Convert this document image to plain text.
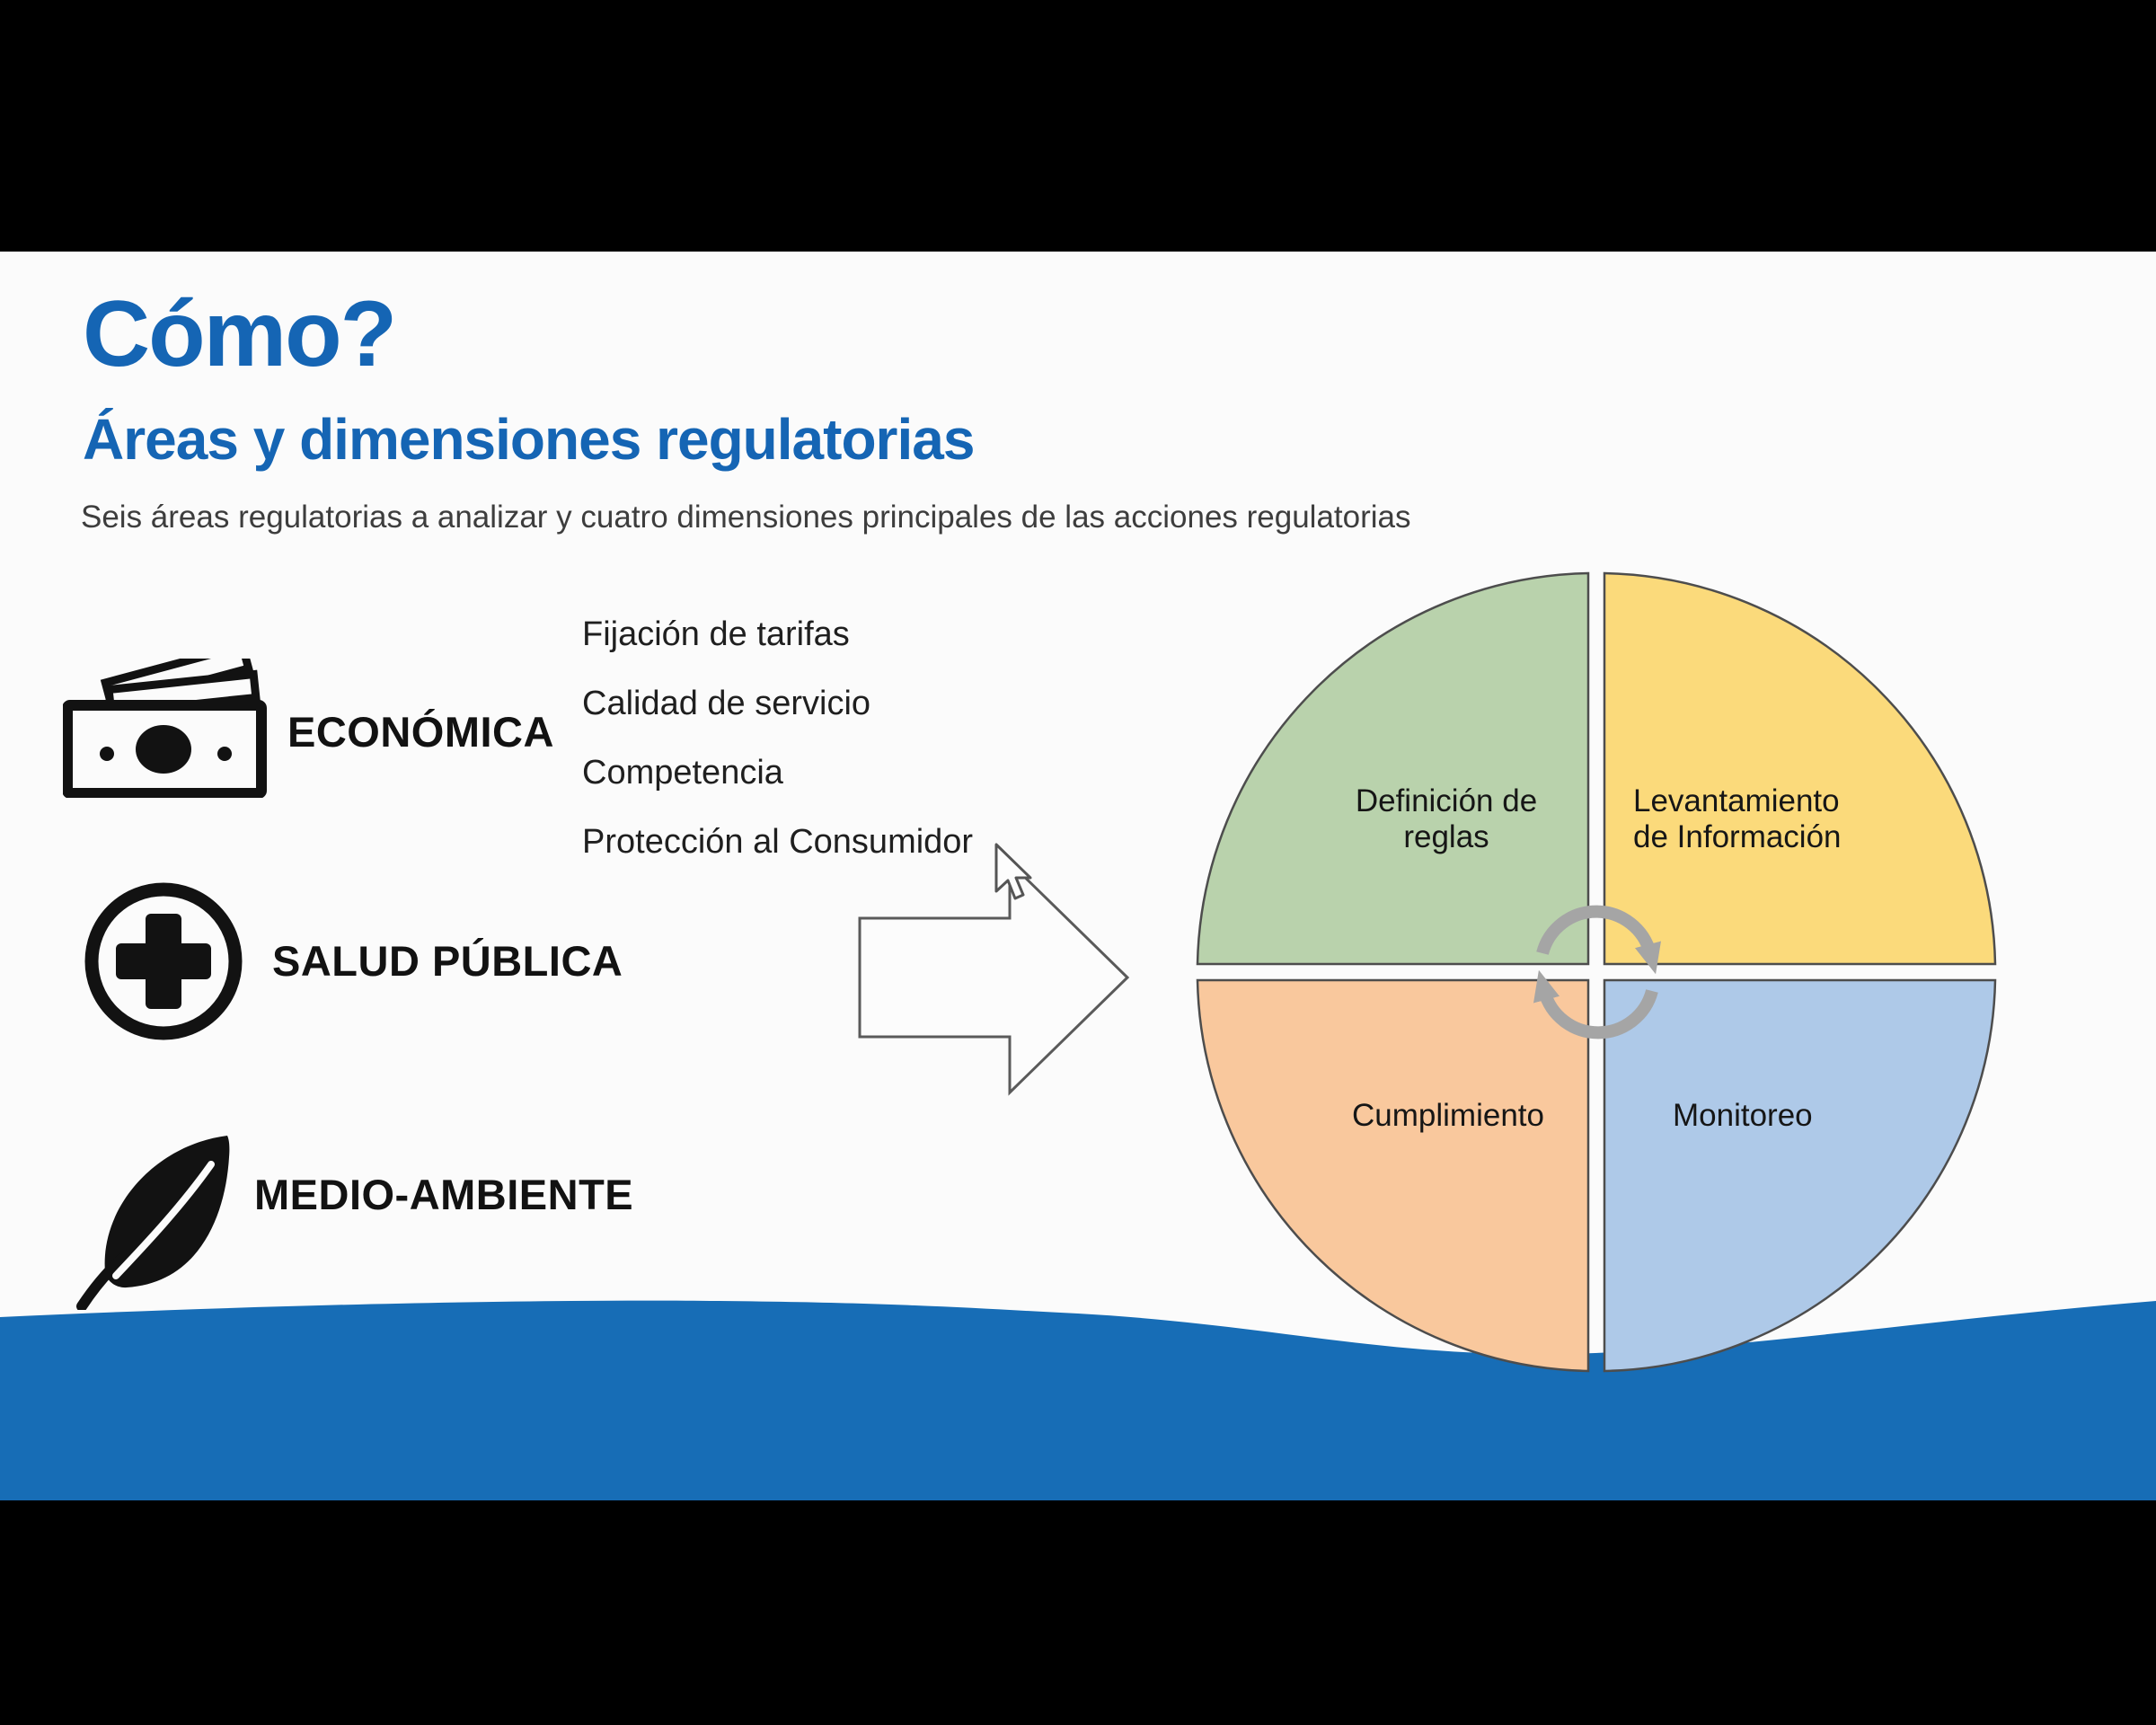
Cómo?
Áreas y dimensiones regulatorias
Seis áreas regulatorias a analizar y cuatro dimensiones principales de las acciones regulatorias
ECONÓMICA
Fijación de tarifas
Calidad de servicio
Competencia
Protección al Consumidor
SALUD PÚBLICA
MEDIO-AMBIENTE
Definición de reglas
Levantamiento de Información
Cumplimiento	Monitoreo
